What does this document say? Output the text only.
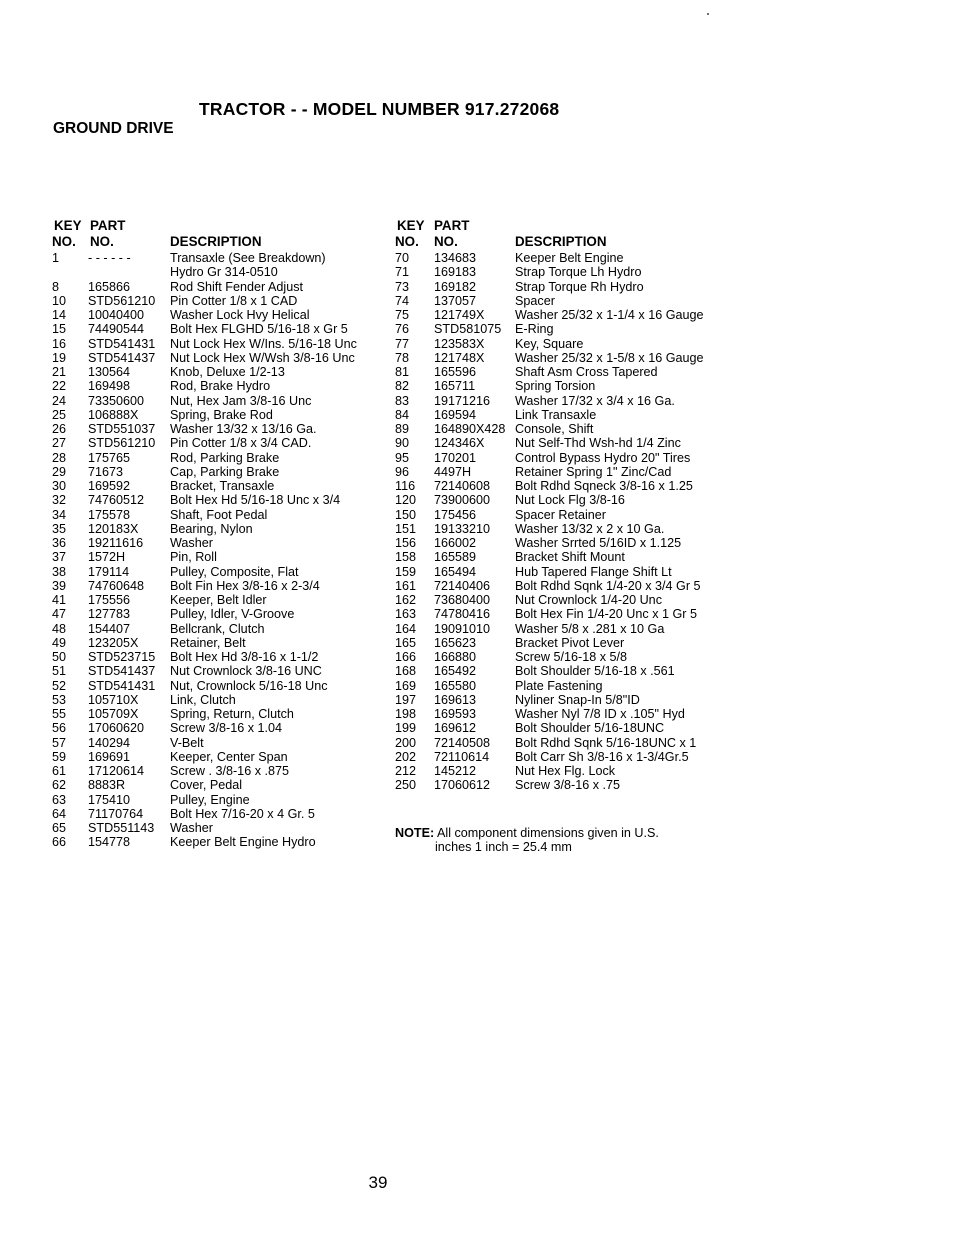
TRACTOR - - MODEL NUMBER 917.272068
GROUND DRIVE
KEY
NO.
PART
NO.	DESCRIPTION
1 - - - - - -	Transaxle (See Breakdown)
Hydro Gr 314-0510
8 165866	Rod Shift Fender Adjust
10 STD561210 Pin Cotter 1/8 x 1 CAD
14 10040400 Washer Lock Hvy Helical
15 74490544 Bolt Hex FLGHD 5/16-18 x Gr 5
16 STD541431 Nut Lock Hex W/Ins. 5/16-18 Unc
19 STD541437 Nut Lock Hex W/Wsh 3/8-16 Unc
21 130564	Knob, Deluxe 1/2-13
22 169498	Rod, Brake Hydro
24 73350600 Nut, Hex Jam 3/8-16 Unc
25 106888X	Spring, Brake Rod
26 STD551037 Washer 13/32 x 13/16 Ga.
27 STD561210 Pin Cotter 1/8 x 3/4 CAD.
28 175765	Rod, Parking Brake
29 71673	Cap, Parking Brake
30 169592	Bracket, Transaxle
32 74760512 Bolt Hex Hd 5/16-18 Unc x 3/4
34 175578	Shaft, Foot Pedal
35 120183X	Bearing, Nylon
36 19211616 Washer
37 1572H	Pin, Roll
38 179114	Pulley, Composite, Flat
39 74760648 Bolt Fin Hex 3/8-16 x 2-3/4
41 175556	Keeper, Belt Idler
47 127783	Pulley, Idler, V-Groove
48 154407	Bellcrank, Clutch
49 123205X	Retainer, Belt
50 STD523715 Bolt Hex Hd 3/8-16 x 1-1/2
51 STD541437 Nut Crownlock 3/8-16 UNC
52 STD541431 Nut, Crownlock 5/16-18 Unc
53 105710X	Link, Clutch
55 105709X	Spring, Return, Clutch
56 17060620 Screw 3/8-16 x 1.04
57 140294	V-Belt
59 169691	Keeper, Center Span
61 17120614 Screw . 3/8-16 x .875
62 8883R	Cover, Pedal
63 175410	Pulley, Engine
64 71170764 Bolt Hex 7/16-20 x 4 Gr. 5
65 STD551143 Washer
66 154778	Keeper Belt Engine Hydro
KEY
NO.
PART
NO.	DESCRIPTION
70 134683	Keeper Belt Engine
71 169183	Strap Torque Lh Hydro
73 169182	Strap Torque Rh Hydro
74 137057	Spacer
75 121749X Washer 25/32 x 1-1/4 x 16 Gauge
76 STD581075 E-Ring
77 123583X Key, Square
78 121748X Washer 25/32 x 1-5/8 x 16 Gauge
81 165596	Shaft Asm Cross Tapered
82 165711	Spring Torsion
83 19171216 Washer 17/32 x 3/4 x 16 Ga.
84 169594	Link Transaxle
89 164890X428 Console, Shift
90 124346X Nut Self-Thd Wsh-hd 1/4 Zinc
95 170201	Control Bypass Hydro 20" Tires
96 4497H	Retainer Spring 1" Zinc/Cad
116 72140608 Bolt Rdhd Sqneck 3/8-16 x 1.25
120 73900600 Nut Lock Flg 3/8-16
150 175456	Spacer Retainer
151 19133210 Washer 13/32 x 2 x 10 Ga.
156 166002	Washer Srrted 5/16ID x 1.125
158 165589	Bracket Shift Mount
159 165494	Hub Tapered Flange Shift Lt
161 72140406 Bolt Rdhd Sqnk 1/4-20 x 3/4 Gr 5
162 73680400 Nut Crownlock 1/4-20 Unc
163 74780416 Bolt Hex Fin 1/4-20 Unc x 1 Gr 5
164 19091010 Washer 5/8 x .281 x 10 Ga
165 165623	Bracket Pivot Lever
166 166880	Screw 5/16-18 x 5/8
168 165492	Bolt Shoulder 5/16-18 x .561
169 165580	Plate Fastening
197 169613	Nyliner Snap-In 5/8"ID
198 169593	Washer Nyl 7/8 ID x .105" Hyd
199 169612	Bolt Shoulder 5/16-18UNC
200 72140508 Bolt Rdhd Sqnk 5/16-18UNC x 1
202 72110614 Bolt Carr Sh 3/8-16 x 1-3/4Gr.5
212 145212	Nut Hex Flg. Lock
250 17060612 Screw 3/8-16 x .75
NOTE: All component dimensions given in U.S.
inches 1 inch = 25.4 mm
39
